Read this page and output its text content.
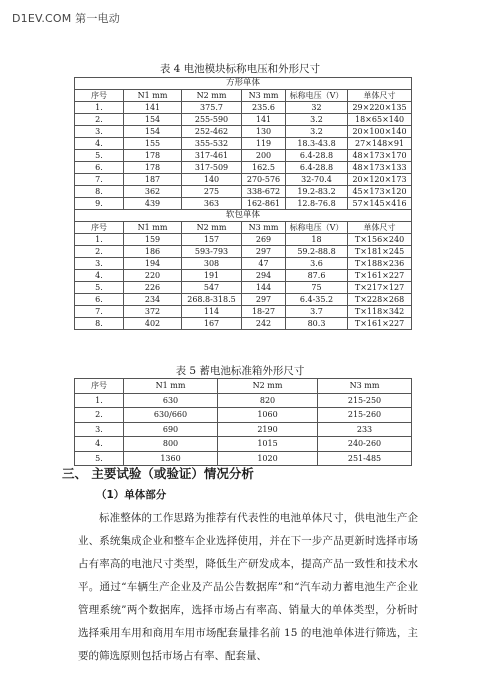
D1EV.COM 第一电动
表 4 电池模块标称电压和外形尺寸
方形单体					
序号	N1 mm	N2 mm	N3 mm	标称电压（V）	单体尺寸
1.	141	375.7	235.6	32	29×220×135
2.	154	255-590	141	3.2	18×65×140
3.	154	252-462	130	3.2	20×100×140
4.	155	355-532	119	18.3-43.8	27×148×91
5.	178	317-461	200	6.4-28.8	48×173×170
6.	178	317-509	162.5	6.4-28.8	48×173×133
7.	187	140	270-576	32-70.4	20×120×173
8.	362	275	338-672	19.2-83.2	45×173×120
9.	439	363	162-861	12.8-76.8	57×145×416
软包单体					
序号	N1 mm	N2 mm	N3 mm	标称电压（V）	单体尺寸
1.	159	157	269	18	T×156×240
2.	186	593-793	297	59.2-88.8	T×181×245
3.	194	308	47	3.6	T×188×236
4.	220	191	294	87.6	T×161×227
5.	226	547	144	75	T×217×127
6.	234	268.8-318.5	297	6.4-35.2	T×228×268
7.	372	114	18-27	3.7	T×118×342
8.	402	167	242	80.3	T×161×227
表 5 蓄电池标准箱外形尺寸
序号	N1 mm	N2 mm	N3 mm
1.	630	820	215-250
2.	630/660	1060	215-260
3.	690	2190	233
4.	800	1015	240-260
5.	1360	1020	251-485
三、 主要试验（或验证）情况分析
（1）单体部分
标准整体的工作思路为推荐有代表性的电池单体尺寸，供电池生产企业、系统集成企业和整车企业选择使用，并在下一步产品更新时选择市场占有率高的电池尺寸类型，降低生产研发成本，提高产品一致性和技术水平。通过“车辆生产企业及产品公告数据库”和“汽车动力蓄电池生产企业管理系统”两个数据库，选择市场占有率高、销量大的单体类型，分析时选择乘用车用和商用车用市场配套量排名前 15 的电池单体进行筛选，主要的筛选原则包括市场占有率、配套量、
